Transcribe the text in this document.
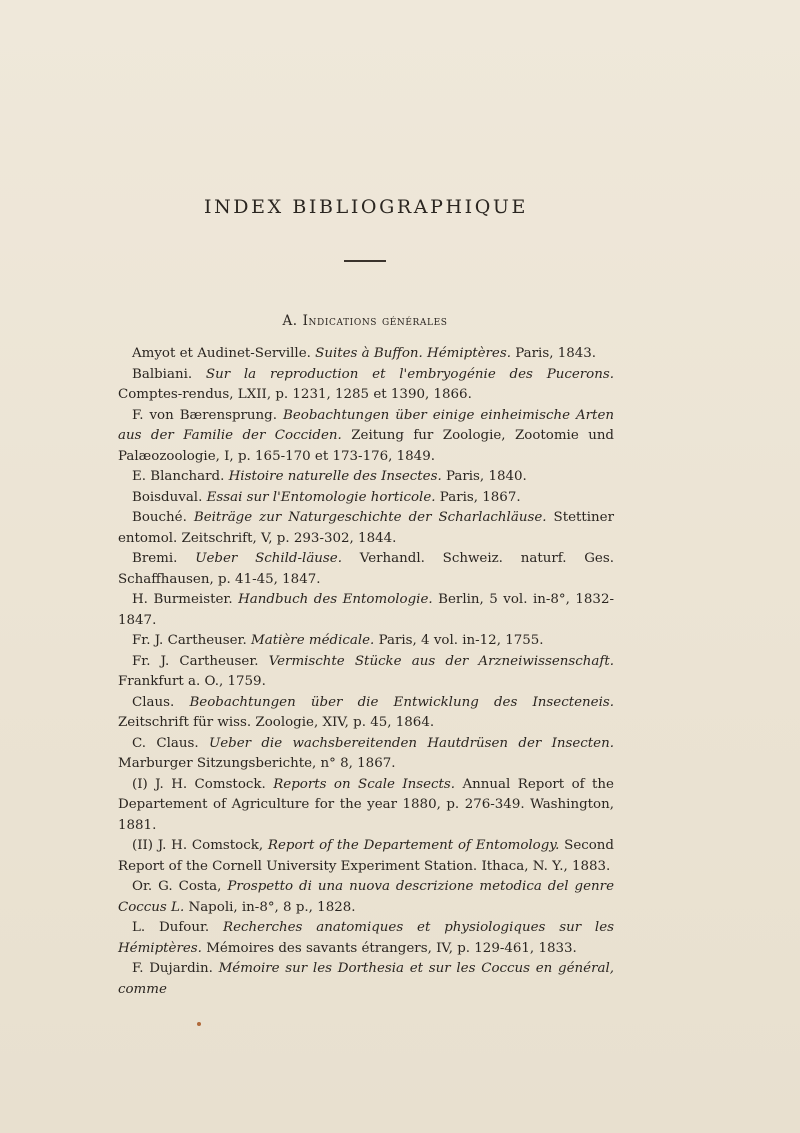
INDEX BIBLIOGRAPHIQUE
A. Indications générales

Amyot et Audinet-Serville. Suites à Buffon. Hémiptères. Paris, 1843.

Balbiani. Sur la reproduction et l'embryogénie des Pucerons. Comptes-rendus, LXII, p. 1231, 1285 et 1390, 1866.

F. von Bærensprung. Beobachtungen über einige einheimische Arten aus der Familie der Cocciden. Zeitung fur Zoologie, Zootomie und Palæozoologie, I, p. 165-170 et 173-176, 1849.

E. Blanchard. Histoire naturelle des Insectes. Paris, 1840.

Boisduval. Essai sur l'Entomologie horticole. Paris, 1867.

Bouché. Beiträge zur Naturgeschichte der Scharlachläuse. Stettiner entomol. Zeitschrift, V, p. 293-302, 1844.

Bremi. Ueber Schild-läuse. Verhandl. Schweiz. naturf. Ges. Schaffhausen, p. 41-45, 1847.

H. Burmeister. Handbuch des Entomologie. Berlin, 5 vol. in-8°, 1832-1847.

Fr. J. Cartheuser. Matière médicale. Paris, 4 vol. in-12, 1755.

Fr. J. Cartheuser. Vermischte Stücke aus der Arzneiwissenschaft. Frankfurt a. O., 1759.

Claus. Beobachtungen über die Entwicklung des Insecteneis. Zeitschrift für wiss. Zoologie, XIV, p. 45, 1864.

C. Claus. Ueber die wachsbereitenden Hautdrüsen der Insecten. Marburger Sitzungsberichte, n° 8, 1867.

(I) J. H. Comstock. Reports on Scale Insects. Annual Report of the Departement of Agriculture for the year 1880, p. 276-349. Washington, 1881.

(II) J. H. Comstock, Report of the Departement of Entomology. Second Report of the Cornell University Experiment Station. Ithaca, N. Y., 1883.

Or. G. Costa, Prospetto di una nuova descrizione metodica del genre Coccus L. Napoli, in-8°, 8 p., 1828.

L. Dufour. Recherches anatomiques et physiologiques sur les Hémiptères. Mémoires des savants étrangers, IV, p. 129-461, 1833.

F. Dujardin. Mémoire sur les Dorthesia et sur les Coccus en général, comme
